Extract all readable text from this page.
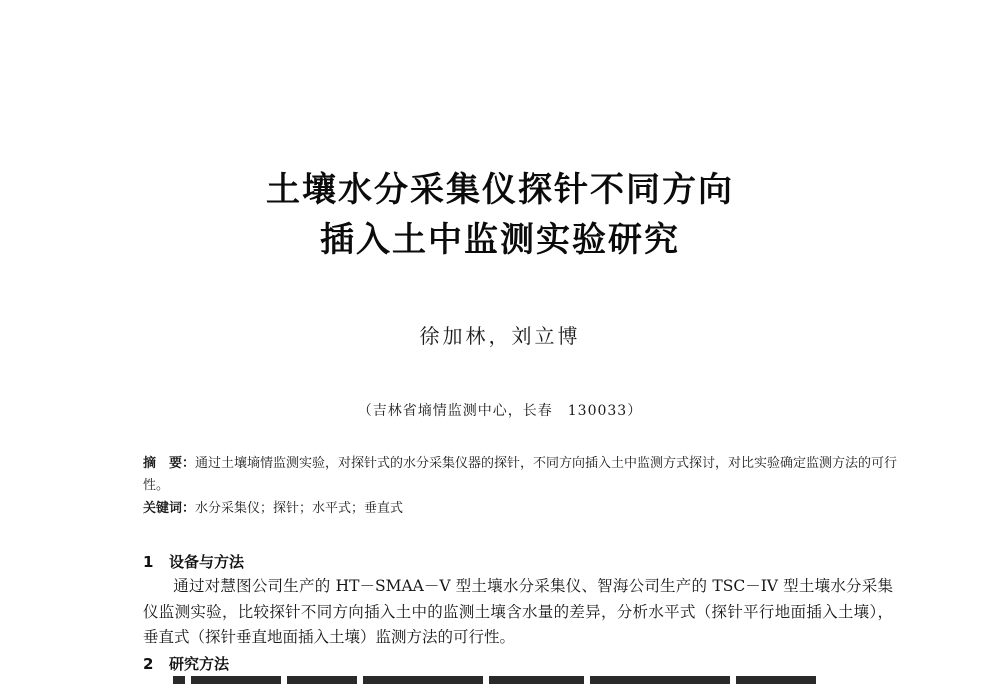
土壤水分采集仪探针不同方向
插入土中监测实验研究
徐加林，刘立博
（吉林省墒情监测中心，长春　130033）
摘　要：通过土壤墒情监测实验，对探针式的水分采集仪器的探针，不同方向插入土中监测方式探讨，对比实验确定监测方法的可行性。
关键词：水分采集仪；探针；水平式；垂直式
1 设备与方法
通过对慧图公司生产的 HT－SMAA－V 型土壤水分采集仪、智海公司生产的 TSC－IV 型土壤水分采集仪监测实验，比较探针不同方向插入土中的监测土壤含水量的差异，分析水平式（探针平行地面插入土壤），垂直式（探针垂直地面插入土壤）监测方法的可行性。
2 研究方法
